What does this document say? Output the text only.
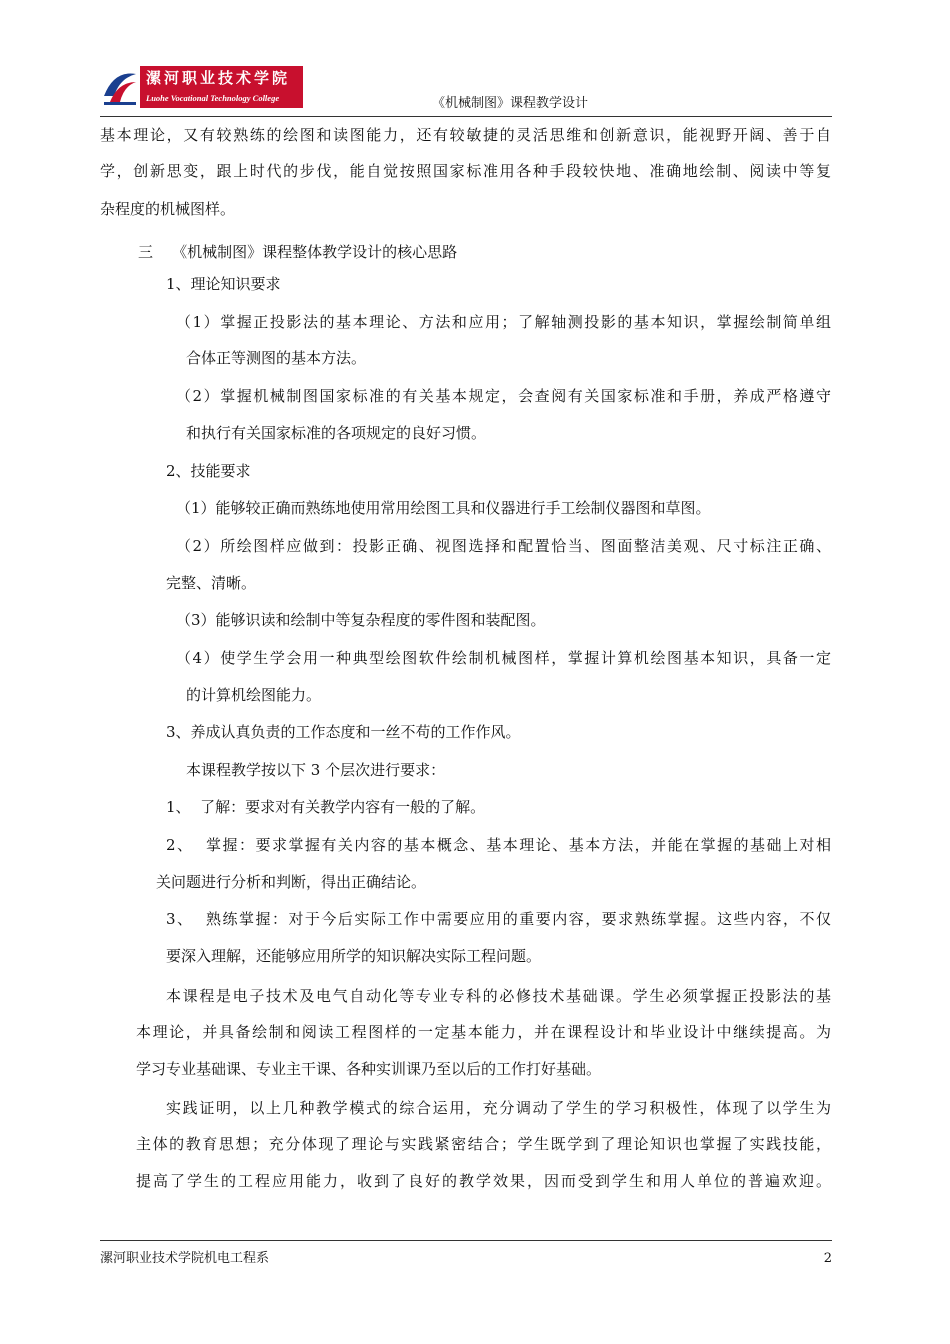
漯河职业技术学院
Luohe Vocational Technology College	《机械制图》课程教学设计
基本理论，又有较熟练的绘图和读图能力，还有较敏捷的灵活思维和创新意识，能视野开阔、善于自
学，创新思变，跟上时代的步伐，能自觉按照国家标准用各种手段较快地、准确地绘制、阅读中等复
杂程度的机械图样。
三    《机械制图》课程整体教学设计的核心思路
1、理论知识要求
（1）掌握正投影法的基本理论、方法和应用；了解轴测投影的基本知识，掌握绘制简单组
合体正等测图的基本方法。
（2）掌握机械制图国家标准的有关基本规定，会查阅有关国家标准和手册，养成严格遵守
和执行有关国家标准的各项规定的良好习惯。
2、技能要求
（1）能够较正确而熟练地使用常用绘图工具和仪器进行手工绘制仪器图和草图。
（2）所绘图样应做到：投影正确、视图选择和配置恰当、图面整洁美观、尺寸标注正确、
完整、清晰。
（3）能够识读和绘制中等复杂程度的零件图和装配图。
（4）使学生学会用一种典型绘图软件绘制机械图样，掌握计算机绘图基本知识，具备一定
的计算机绘图能力。
3、养成认真负责的工作态度和一丝不苟的工作作风。
本课程教学按以下 3 个层次进行要求：
1、  了解：要求对有关教学内容有一般的了解。
2、  掌握：要求掌握有关内容的基本概念、基本理论、基本方法，并能在掌握的基础上对相
关问题进行分析和判断，得出正确结论。
3、  熟练掌握：对于今后实际工作中需要应用的重要内容，要求熟练掌握。这些内容，不仅
要深入理解，还能够应用所学的知识解决实际工程问题。
本课程是电子技术及电气自动化等专业专科的必修技术基础课。学生必须掌握正投影法的基
本理论，并具备绘制和阅读工程图样的一定基本能力，并在课程设计和毕业设计中继续提高。为
学习专业基础课、专业主干课、各种实训课乃至以后的工作打好基础。
实践证明，以上几种教学模式的综合运用，充分调动了学生的学习积极性，体现了以学生为
主体的教育思想；充分体现了理论与实践紧密结合；学生既学到了理论知识也掌握了实践技能，
提高了学生的工程应用能力，收到了良好的教学效果，因而受到学生和用人单位的普遍欢迎。
漯河职业技术学院机电工程系	2
